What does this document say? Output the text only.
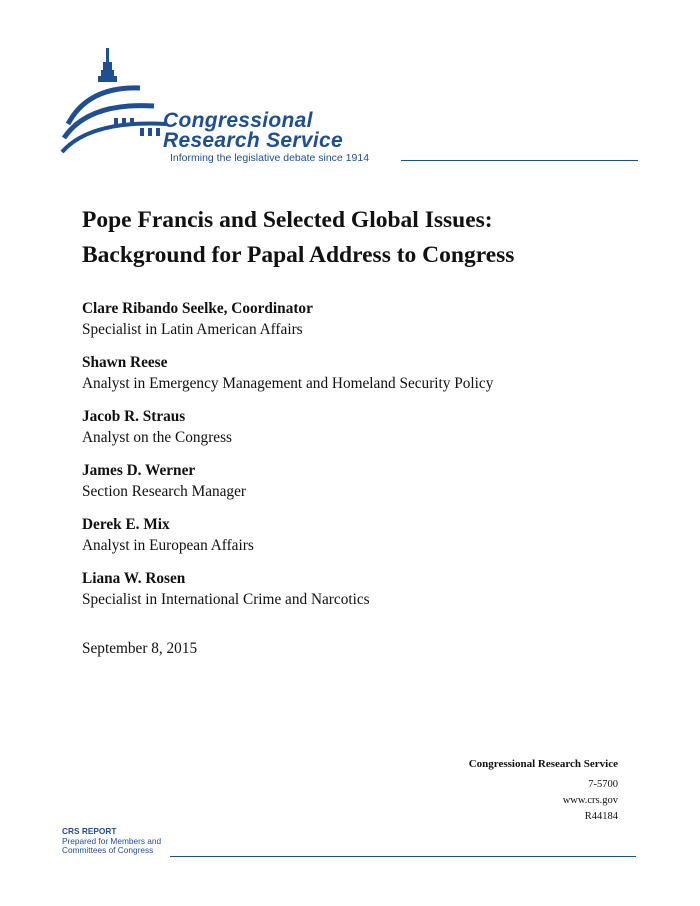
Congressional
Research Service
Informing the legislative debate since 1914
Pope Francis and Selected Global Issues:
Background for Papal Address to Congress
Clare Ribando Seelke, Coordinator
Specialist in Latin American Affairs
Shawn Reese
Analyst in Emergency Management and Homeland Security Policy
Jacob R. Straus
Analyst on the Congress
James D. Werner
Section Research Manager
Derek E. Mix
Analyst in European Affairs
Liana W. Rosen
Specialist in International Crime and Narcotics
September 8, 2015
Congressional Research Service
7-5700
www.crs.gov
R44184
CRS REPORT
Prepared for Members and
Committees of Congress
